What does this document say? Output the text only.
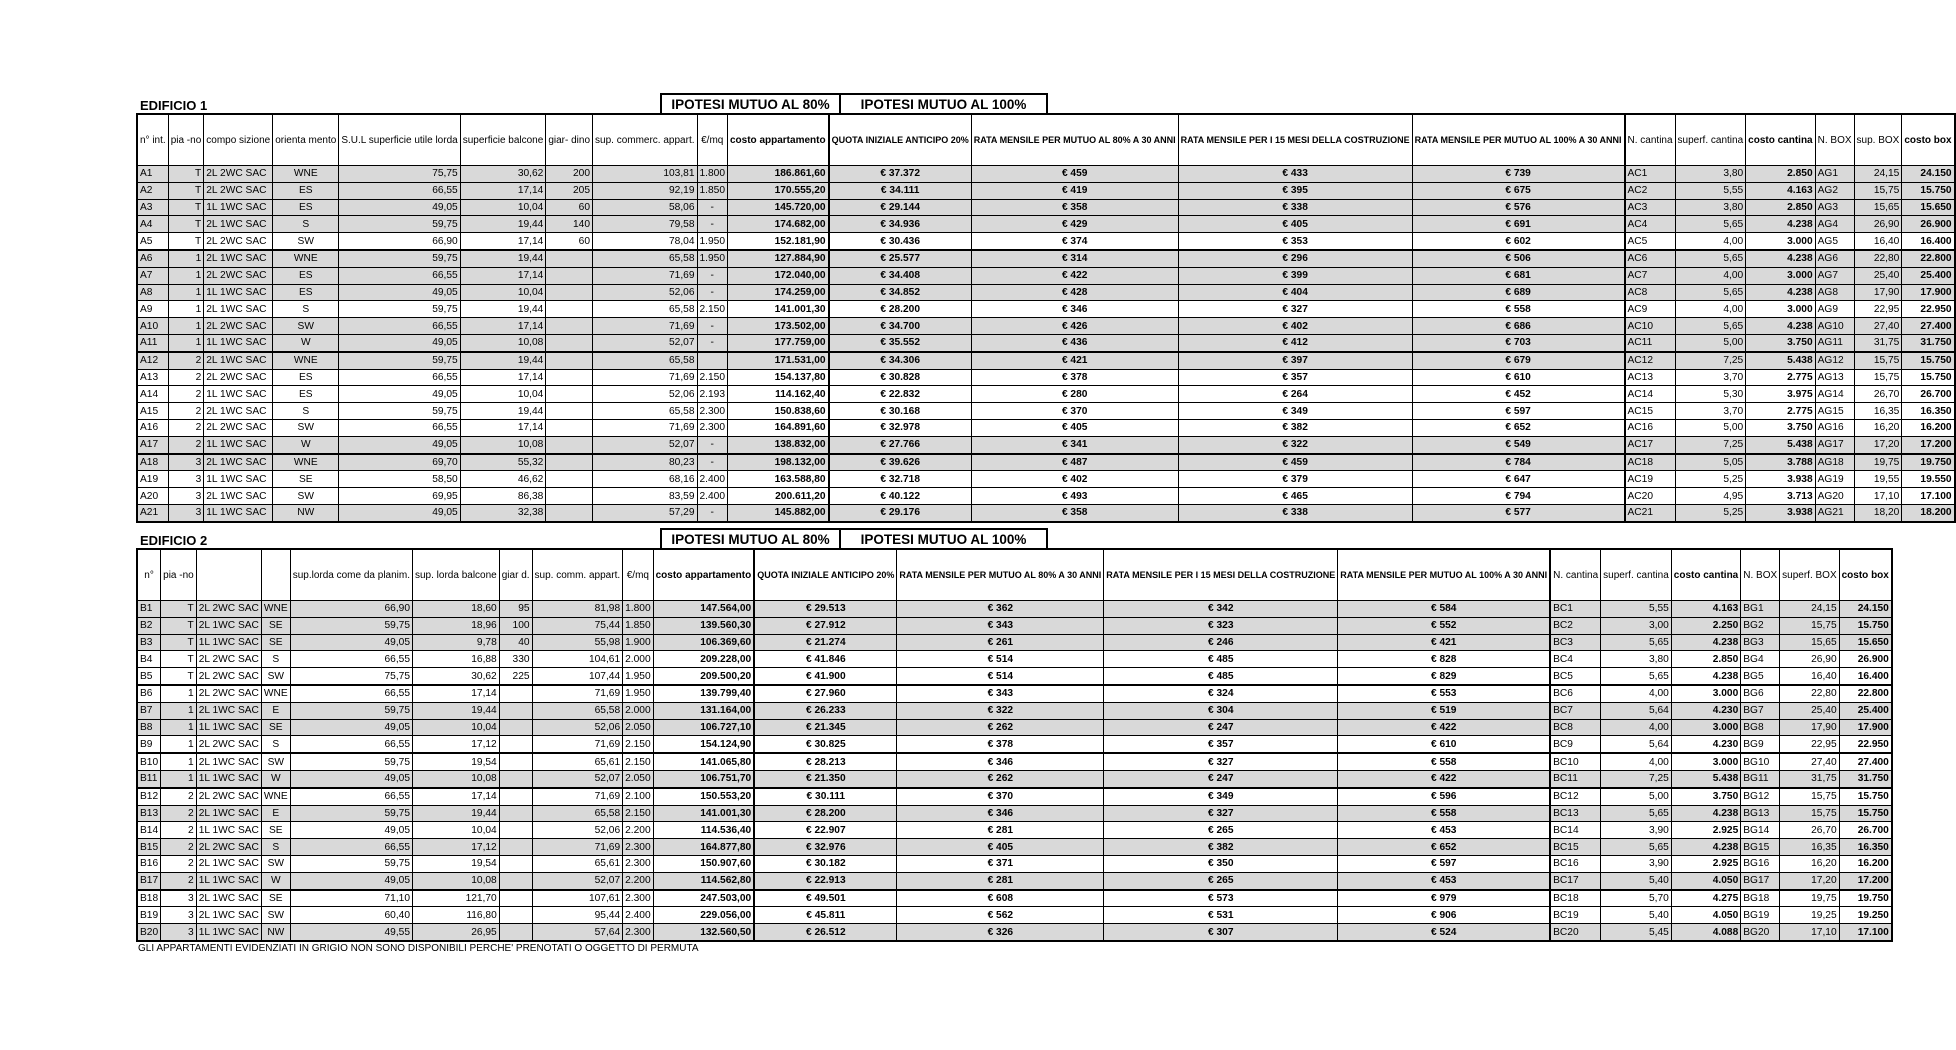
EDIFICIO 1	IPOTESI MUTUO AL 80%	IPOTESI MUTUO AL 100%
n° int.	pia -no	compo sizione	orienta mento	S.U.L superficie utile lorda	superficie balcone	giar- dino	sup. commerc. appart.	€/mq	costo appartamento	QUOTA INIZIALE ANTICIPO 20%	RATA MENSILE PER MUTUO AL 80% A 30 ANNI	RATA MENSILE PER I 15 MESI DELLA COSTRUZIONE	RATA MENSILE PER MUTUO AL 100% A 30 ANNI	N. cantina	superf. cantina	costo cantina	N. BOX	sup. BOX	costo box
A1	T	2L 2WC SAC	WNE	75,75	30,62	200	103,81	1.800	186.861,60	€ 37.372	€ 459	€ 433	€ 739	AC1	3,80	2.850	AG1	24,15	24.150
A2	T	2L 2WC SAC	ES	66,55	17,14	205	92,19	1.850	170.555,20	€ 34.111	€ 419	€ 395	€ 675	AC2	5,55	4.163	AG2	15,75	15.750
A3	T	1L 1WC SAC	ES	49,05	10,04	60	58,06	-	145.720,00	€ 29.144	€ 358	€ 338	€ 576	AC3	3,80	2.850	AG3	15,65	15.650
A4	T	2L 1WC SAC	S	59,75	19,44	140	79,58	-	174.682,00	€ 34.936	€ 429	€ 405	€ 691	AC4	5,65	4.238	AG4	26,90	26.900
A5	T	2L 2WC SAC	SW	66,90	17,14	60	78,04	1.950	152.181,90	€ 30.436	€ 374	€ 353	€ 602	AC5	4,00	3.000	AG5	16,40	16.400
A6	1	2L 1WC SAC	WNE	59,75	19,44		65,58	1.950	127.884,90	€ 25.577	€ 314	€ 296	€ 506	AC6	5,65	4.238	AG6	22,80	22.800
A7	1	2L 2WC SAC	ES	66,55	17,14		71,69	-	172.040,00	€ 34.408	€ 422	€ 399	€ 681	AC7	4,00	3.000	AG7	25,40	25.400
A8	1	1L 1WC SAC	ES	49,05	10,04		52,06	-	174.259,00	€ 34.852	€ 428	€ 404	€ 689	AC8	5,65	4.238	AG8	17,90	17.900
A9	1	2L 1WC SAC	S	59,75	19,44		65,58	2.150	141.001,30	€ 28.200	€ 346	€ 327	€ 558	AC9	4,00	3.000	AG9	22,95	22.950
A10	1	2L 2WC SAC	SW	66,55	17,14		71,69	-	173.502,00	€ 34.700	€ 426	€ 402	€ 686	AC10	5,65	4.238	AG10	27,40	27.400
A11	1	1L 1WC SAC	W	49,05	10,08		52,07	-	177.759,00	€ 35.552	€ 436	€ 412	€ 703	AC11	5,00	3.750	AG11	31,75	31.750
A12	2	2L 1WC SAC	WNE	59,75	19,44		65,58		171.531,00	€ 34.306	€ 421	€ 397	€ 679	AC12	7,25	5.438	AG12	15,75	15.750
A13	2	2L 2WC SAC	ES	66,55	17,14		71,69	2.150	154.137,80	€ 30.828	€ 378	€ 357	€ 610	AC13	3,70	2.775	AG13	15,75	15.750
A14	2	1L 1WC SAC	ES	49,05	10,04		52,06	2.193	114.162,40	€ 22.832	€ 280	€ 264	€ 452	AC14	5,30	3.975	AG14	26,70	26.700
A15	2	2L 1WC SAC	S	59,75	19,44		65,58	2.300	150.838,60	€ 30.168	€ 370	€ 349	€ 597	AC15	3,70	2.775	AG15	16,35	16.350
A16	2	2L 2WC SAC	SW	66,55	17,14		71,69	2.300	164.891,60	€ 32.978	€ 405	€ 382	€ 652	AC16	5,00	3.750	AG16	16,20	16.200
A17	2	1L 1WC SAC	W	49,05	10,08		52,07	-	138.832,00	€ 27.766	€ 341	€ 322	€ 549	AC17	7,25	5.438	AG17	17,20	17.200
A18	3	2L 1WC SAC	WNE	69,70	55,32		80,23	-	198.132,00	€ 39.626	€ 487	€ 459	€ 784	AC18	5,05	3.788	AG18	19,75	19.750
A19	3	1L 1WC SAC	SE	58,50	46,62		68,16	2.400	163.588,80	€ 32.718	€ 402	€ 379	€ 647	AC19	5,25	3.938	AG19	19,55	19.550
A20	3	2L 1WC SAC	SW	69,95	86,38		83,59	2.400	200.611,20	€ 40.122	€ 493	€ 465	€ 794	AC20	4,95	3.713	AG20	17,10	17.100
A21	3	1L 1WC SAC	NW	49,05	32,38		57,29	-	145.882,00	€ 29.176	€ 358	€ 338	€ 577	AC21	5,25	3.938	AG21	18,20	18.200
EDIFICIO 2	IPOTESI MUTUO AL 80%	IPOTESI MUTUO AL 100%
n°	pia -no			sup.lorda come da planim.	sup. lorda balcone	giar d.	sup. comm. appart.	€/mq	costo appartamento	QUOTA INIZIALE ANTICIPO 20%	RATA MENSILE PER MUTUO AL 80% A 30 ANNI	RATA MENSILE PER I 15 MESI DELLA COSTRUZIONE	RATA MENSILE PER MUTUO AL 100% A 30 ANNI	N. cantina	superf. cantina	costo cantina	N. BOX	superf. BOX	costo box
B1	T	2L 2WC SAC	WNE	66,90	18,60	95	81,98	1.800	147.564,00	€ 29.513	€ 362	€ 342	€ 584	BC1	5,55	4.163	BG1	24,15	24.150
B2	T	2L 1WC SAC	SE	59,75	18,96	100	75,44	1.850	139.560,30	€ 27.912	€ 343	€ 323	€ 552	BC2	3,00	2.250	BG2	15,75	15.750
B3	T	1L 1WC SAC	SE	49,05	9,78	40	55,98	1.900	106.369,60	€ 21.274	€ 261	€ 246	€ 421	BC3	5,65	4.238	BG3	15,65	15.650
B4	T	2L 2WC SAC	S	66,55	16,88	330	104,61	2.000	209.228,00	€ 41.846	€ 514	€ 485	€ 828	BC4	3,80	2.850	BG4	26,90	26.900
B5	T	2L 2WC SAC	SW	75,75	30,62	225	107,44	1.950	209.500,20	€ 41.900	€ 514	€ 485	€ 829	BC5	5,65	4.238	BG5	16,40	16.400
B6	1	2L 2WC SAC	WNE	66,55	17,14		71,69	1.950	139.799,40	€ 27.960	€ 343	€ 324	€ 553	BC6	4,00	3.000	BG6	22,80	22.800
B7	1	2L 1WC SAC	E	59,75	19,44		65,58	2.000	131.164,00	€ 26.233	€ 322	€ 304	€ 519	BC7	5,64	4.230	BG7	25,40	25.400
B8	1	1L 1WC SAC	SE	49,05	10,04		52,06	2.050	106.727,10	€ 21.345	€ 262	€ 247	€ 422	BC8	4,00	3.000	BG8	17,90	17.900
B9	1	2L 2WC SAC	S	66,55	17,12		71,69	2.150	154.124,90	€ 30.825	€ 378	€ 357	€ 610	BC9	5,64	4.230	BG9	22,95	22.950
B10	1	2L 1WC SAC	SW	59,75	19,54		65,61	2.150	141.065,80	€ 28.213	€ 346	€ 327	€ 558	BC10	4,00	3.000	BG10	27,40	27.400
B11	1	1L 1WC SAC	W	49,05	10,08		52,07	2.050	106.751,70	€ 21.350	€ 262	€ 247	€ 422	BC11	7,25	5.438	BG11	31,75	31.750
B12	2	2L 2WC SAC	WNE	66,55	17,14		71,69	2.100	150.553,20	€ 30.111	€ 370	€ 349	€ 596	BC12	5,00	3.750	BG12	15,75	15.750
B13	2	2L 1WC SAC	E	59,75	19,44		65,58	2.150	141.001,30	€ 28.200	€ 346	€ 327	€ 558	BC13	5,65	4.238	BG13	15,75	15.750
B14	2	1L 1WC SAC	SE	49,05	10,04		52,06	2.200	114.536,40	€ 22.907	€ 281	€ 265	€ 453	BC14	3,90	2.925	BG14	26,70	26.700
B15	2	2L 2WC SAC	S	66,55	17,12		71,69	2.300	164.877,80	€ 32.976	€ 405	€ 382	€ 652	BC15	5,65	4.238	BG15	16,35	16.350
B16	2	2L 1WC SAC	SW	59,75	19,54		65,61	2.300	150.907,60	€ 30.182	€ 371	€ 350	€ 597	BC16	3,90	2.925	BG16	16,20	16.200
B17	2	1L 1WC SAC	W	49,05	10,08		52,07	2.200	114.562,80	€ 22.913	€ 281	€ 265	€ 453	BC17	5,40	4.050	BG17	17,20	17.200
B18	3	2L 1WC SAC	SE	71,10	121,70		107,61	2.300	247.503,00	€ 49.501	€ 608	€ 573	€ 979	BC18	5,70	4.275	BG18	19,75	19.750
B19	3	2L 1WC SAC	SW	60,40	116,80		95,44	2.400	229.056,00	€ 45.811	€ 562	€ 531	€ 906	BC19	5,40	4.050	BG19	19,25	19.250
B20	3	1L 1WC SAC	NW	49,55	26,95		57,64	2.300	132.560,50	€ 26.512	€ 326	€ 307	€ 524	BC20	5,45	4.088	BG20	17,10	17.100
GLI APPARTAMENTI EVIDENZIATI IN GRIGIO NON SONO DISPONIBILI PERCHE' PRENOTATI O OGGETTO DI PERMUTA
